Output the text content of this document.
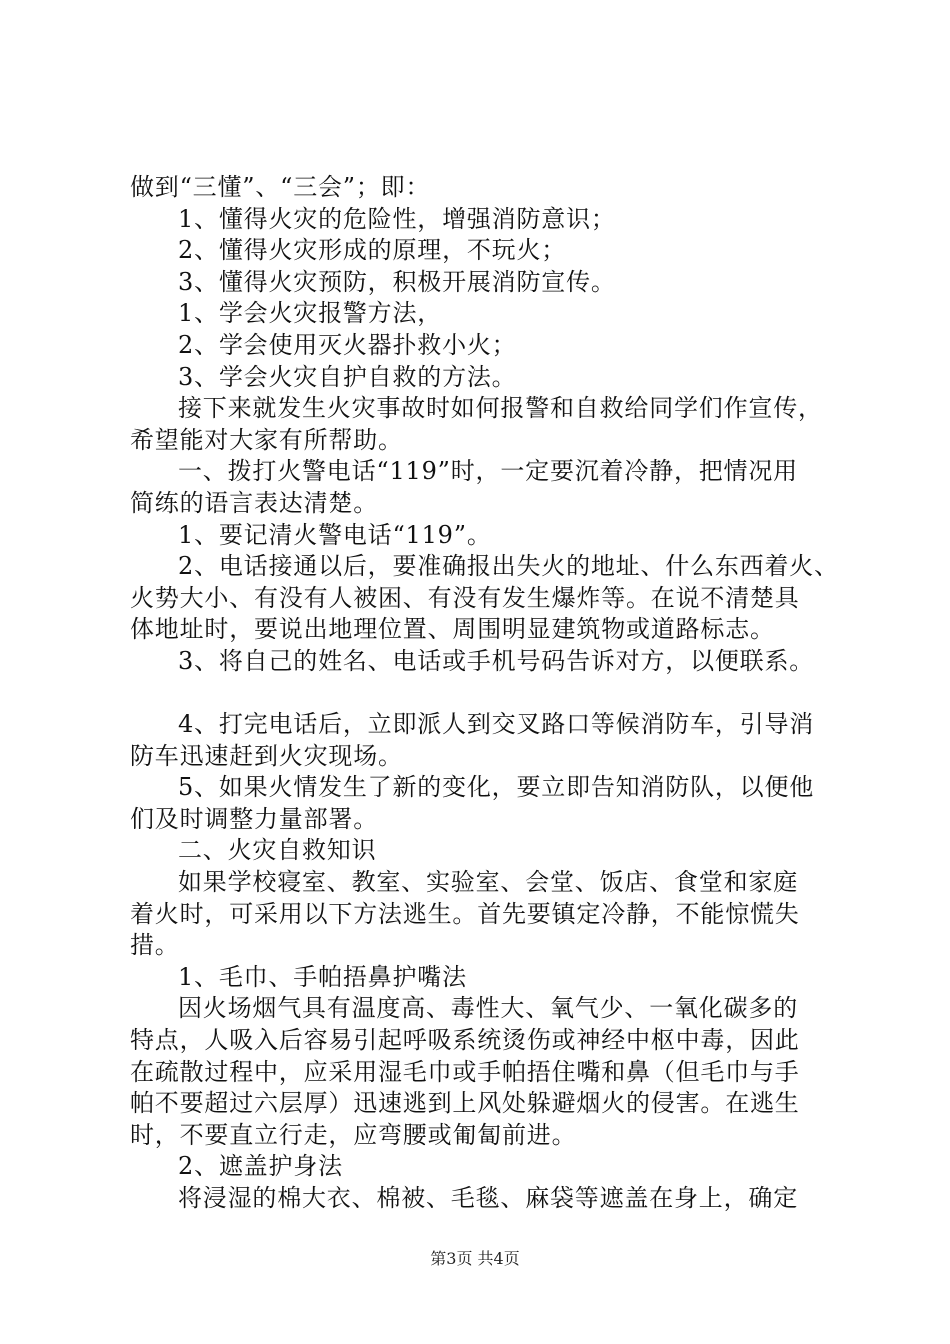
做到“三懂”、“三会”；即：
1、懂得火灾的危险性，增强消防意识；
2、懂得火灾形成的原理，不玩火；
3、懂得火灾预防，积极开展消防宣传。
1、学会火灾报警方法，
2、学会使用灭火器扑救小火；
3、学会火灾自护自救的方法。
接下来就发生火灾事故时如何报警和自救给同学们作宣传，
希望能对大家有所帮助。
一、拨打火警电话“119”时，一定要沉着冷静，把情况用
简练的语言表达清楚。
1、要记清火警电话“119”。
2、电话接通以后，要准确报出失火的地址、什么东西着火、
火势大小、有没有人被困、有没有发生爆炸等。在说不清楚具
体地址时，要说出地理位置、周围明显建筑物或道路标志。
3、将自己的姓名、电话或手机号码告诉对方，以便联系。
4、打完电话后，立即派人到交叉路口等候消防车，引导消
防车迅速赶到火灾现场。
5、如果火情发生了新的变化，要立即告知消防队，以便他
们及时调整力量部署。
二、火灾自救知识
如果学校寝室、教室、实验室、会堂、饭店、食堂和家庭
着火时，可采用以下方法逃生。首先要镇定冷静，不能惊慌失
措。
1、毛巾、手帕捂鼻护嘴法
因火场烟气具有温度高、毒性大、氧气少、一氧化碳多的
特点，人吸入后容易引起呼吸系统烫伤或神经中枢中毒，因此
在疏散过程中，应采用湿毛巾或手帕捂住嘴和鼻（但毛巾与手
帕不要超过六层厚）迅速逃到上风处躲避烟火的侵害。在逃生
时，不要直立行走，应弯腰或匍匐前进。
2、遮盖护身法
将浸湿的棉大衣、棉被、毛毯、麻袋等遮盖在身上，确定
第3页 共4页
